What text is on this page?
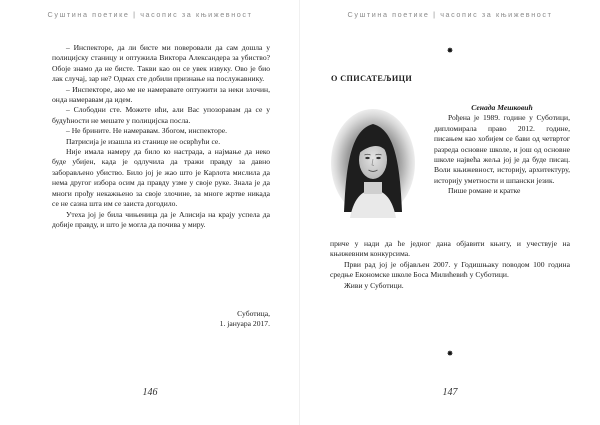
Суштина поетике | часопис за књижевност

– Инспекторе, да ли бисте ми поверовали да сам дошла у полицијску станицу и оптужила Виктора Александера за убиство? Обоје знамо да не бисте. Такви као он се увек извуку. Ово је био лак случај, зар не? Одмах сте добили признање на послужавнику.

– Инспекторе, ако ме не намеравате оптужити за неки злочин, онда намеравам да идем.

– Слободни сте. Можете ићи, али Вас упозоравам да се у будућности не мешате у полицијска посла.

– Не брините. Не намеравам. Збогом, инспекторе.

Патрисија је изашла из станице не осврћући се.

Није имала намеру да било ко настрада, а најмање да неко буде убијен, када је одлучила да тражи правду за давно заборављено убиство. Било јој је жао што је Карлота мислила да нема другог избора осим да правду узме у своје руке. Знала је да многи прођу некажњено за своје злочине, за многе жртве никада се не сазна шта им се заиста догодило.

Утеха јој је била чињеница да је Алисија на крају успела да добије правду, и што је могла да почива у миру.

Суботица,
1. јануара 2017.
146
Суштина поетике | часопис за књижевност
✸
О СПИСАТЕЉИЦИ
Сенада Мешковић

Рођена је 1989. године у Суботици, дипломирала право 2012. године, писањем као хобијем се бави од четвртог разреда основне школе, и још од основне школе највећа жеља јој је да буде писац. Воли књижевност, историју, архитектуру, историју уметности и шпански језик.

Пише романе и кратке

приче у нади да ће једног дана објавити књигу, и учествује на књижевним конкурсима.

Први рад јој је објављен 2007. у Годишњаку поводом 100 година средње Економске школе Боса Милићевић у Суботици.

Живи у Суботици.

✸
147
